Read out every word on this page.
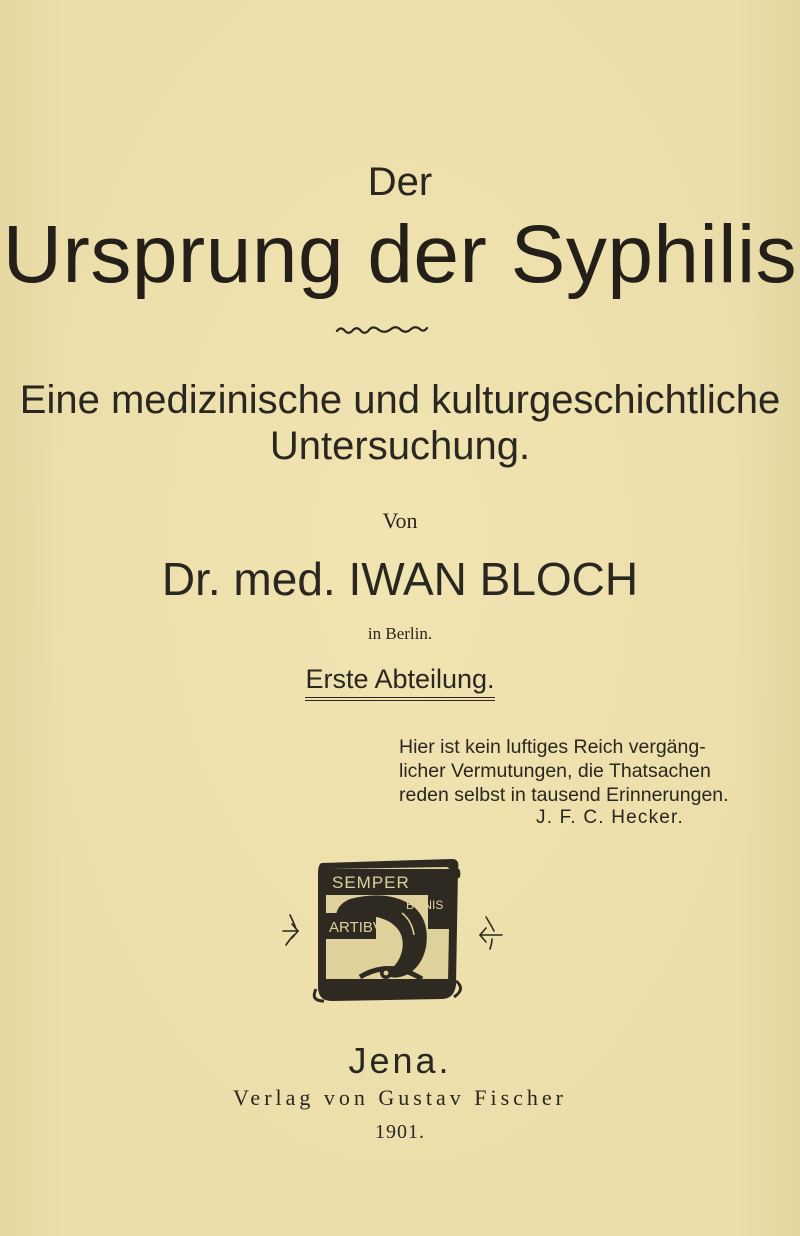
Der
Ursprung der Syphilis
Eine medizinische und kulturgeschichtliche
Untersuchung.
Von
Dr. med. IWAN BLOCH
in Berlin.
Erste Abteilung.
Hier ist kein luftiges Reich vergäng-
licher Vermutungen, die Thatsachen
reden selbst in tausend Erinnerungen.
J. F. C. Hecker.
SEMPER
BONIS
ARTIBVS
Jena.
Verlag von Gustav Fischer
1901.
